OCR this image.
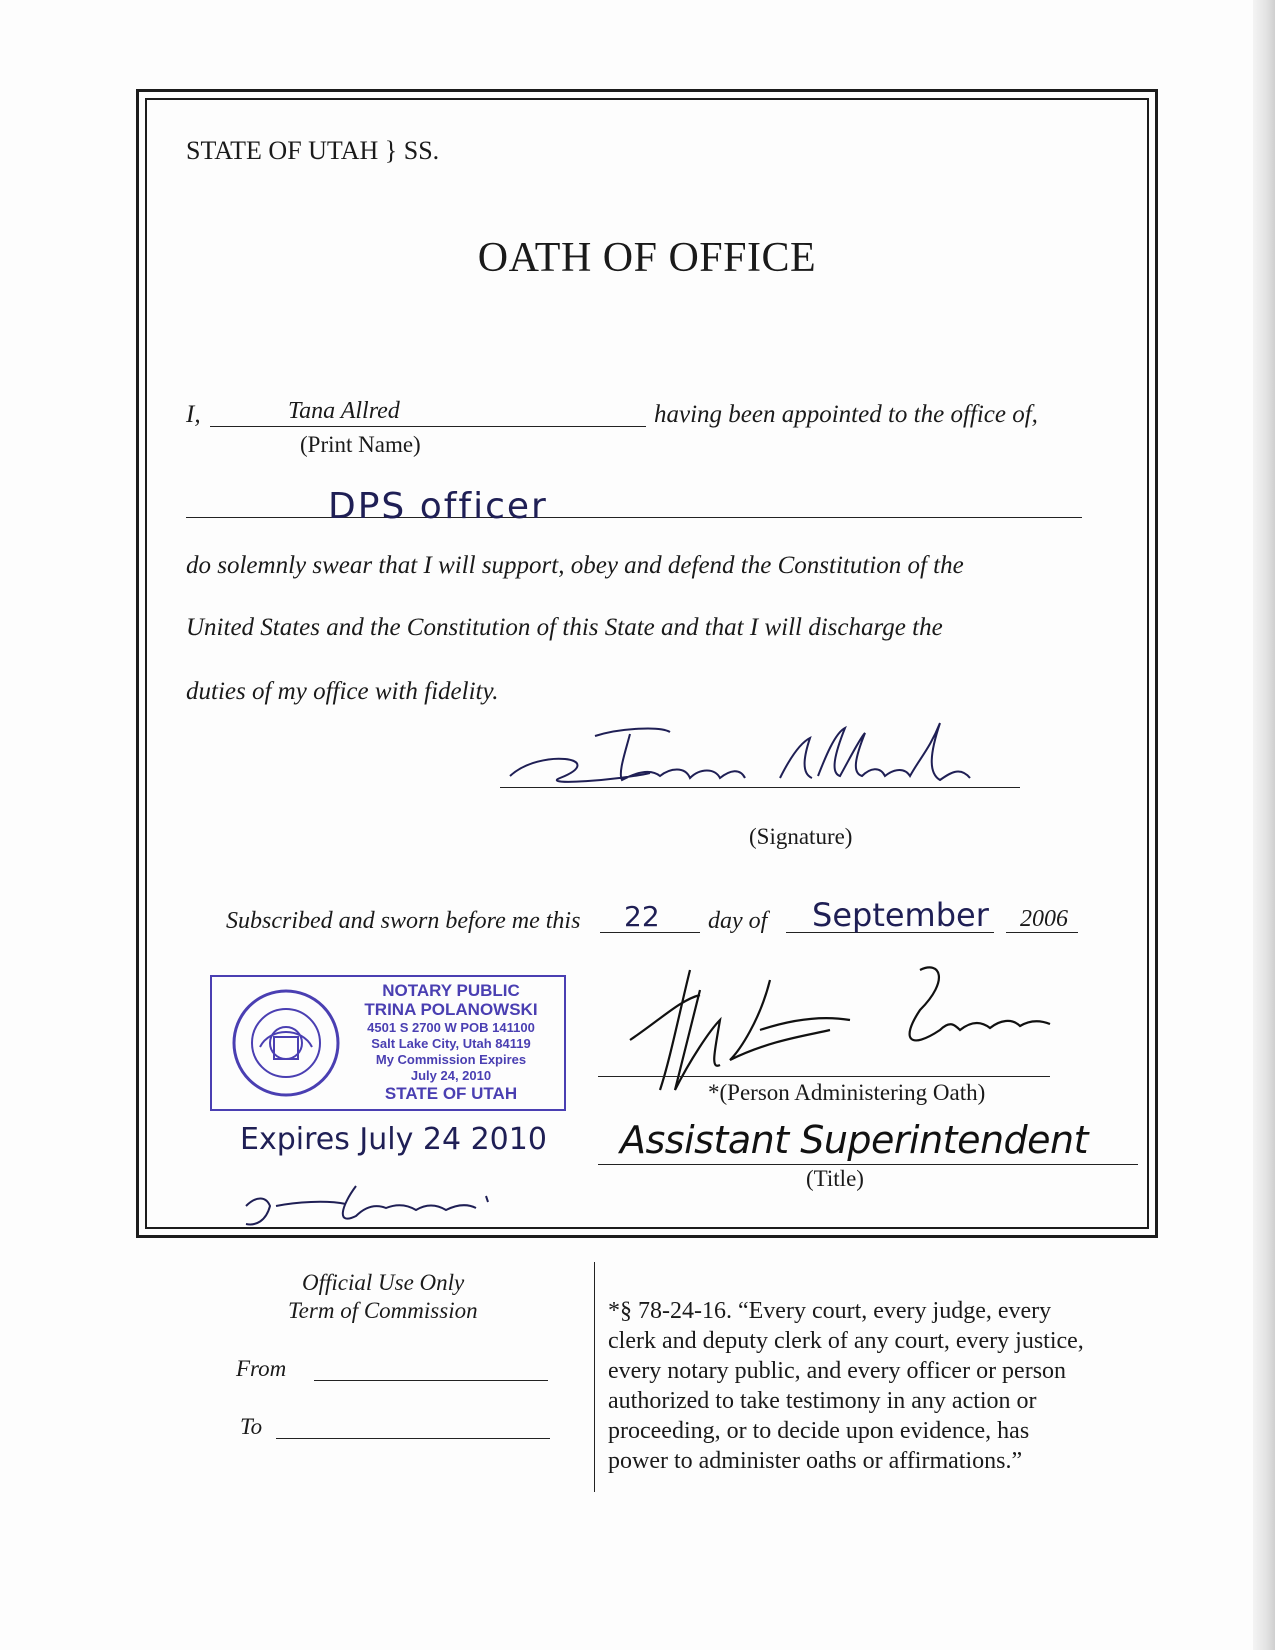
STATE OF UTAH } SS.
OATH OF OFFICE
I,	Tana Allred
(Print Name)
having been appointed to the office of,
DPS officer
do solemnly swear that I will support, obey and defend the Constitution of the
United States and the Constitution of this State and that I will discharge the
duties of my office with fidelity.
Tana Allred
(Signature)
Subscribed and sworn before me this 22 day of September 2006
NOTARY PUBLIC
TRINA POLANOWSKI
4501 S 2700 W POB 141100
Salt Lake City, Utah 84119
My Commission Expires
July 24, 2010
STATE OF UTAH	*(Person Administering Oath)
Assistant Superintendent
(Title)
Expires July 24 2010
Official Use Only
Term of Commission
From
To
*§ 78-24-16. “Every court, every judge, every
clerk and deputy clerk of any court, every justice,
every notary public, and every officer or person
authorized to take testimony in any action or
proceeding, or to decide upon evidence, has
power to administer oaths or affirmations.”
